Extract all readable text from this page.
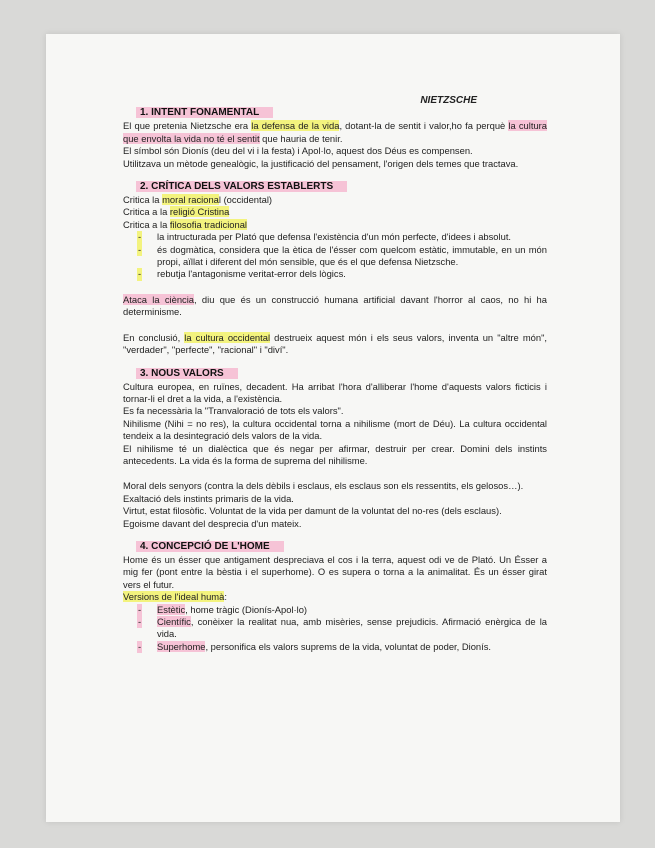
NIETZSCHE
1. INTENT FONAMENTAL

El que pretenia Nietzsche era la defensa de la vida, dotant-la de sentit i valor,ho fa perquè la cultura que envolta la vida no té el sentit que hauria de tenir.

El símbol són Dionís (deu del vi i la festa) i Apol·lo, aquest dos Déus es compensen.

Utilitzava un mètode genealògic, la justificació del pensament, l'origen dels temes que tractava.

2. CRÍTICA DELS VALORS ESTABLERTS

Critica la moral racional (occidental)

Critica a la religió Cristina

Critica a la filosofia tradicional

- la intructurada per Plató que defensa l'existència d'un món perfecte, d'idees i absolut.
- és dogmàtica, considera que la ètica de l'ésser com quelcom estàtic, immutable, en un món propi, aïllat i diferent del món sensible, que és el que defensa Nietzsche.
- rebutja l'antagonisme veritat-error dels lògics.

Ataca la ciència, diu que és un construcció humana artificial davant l'horror al caos, no hi ha determinisme.

En conclusió, la cultura occidental destrueix aquest món i els seus valors, inventa un "altre món", "verdader", "perfecte", "racional" i "diví".

3. NOUS VALORS

Cultura europea, en ruïnes, decadent. Ha arribat l'hora d'alliberar l'home d'aquests valors ficticis i tornar-li el dret a la vida, a l'existència.

Es fa necessària la "Tranvaloració de tots els valors".

Nihilisme (Nihi = no res), la cultura occidental torna a nihilisme (mort de Déu). La cultura occidental tendeix a la desintegració dels valors de la vida.

El nihilisme té un dialèctica que és negar per afirmar, destruir per crear. Domini dels instints antecedents. La vida és la forma de suprema del nihilisme.

Moral dels senyors (contra la dels dèbils i esclaus, els esclaus son els ressentits, els gelosos…).

Exaltació dels instints primaris de la vida.

Virtut, estat filosòfic. Voluntat de la vida per damunt de la voluntat del no-res (dels esclaus).

Egoisme davant del desprecia d'un mateix.

4. CONCEPCIÓ DE L'HOME

Home és un ésser que antigament despreciava el cos i la terra, aquest odi ve de Plató. Un Ésser a mig fer (pont entre la bèstia i el superhome). O es supera o torna a la animalitat. És un ésser girat vers el futur.

Versions de l'ideal humà:

- Estètic, home tràgic (Dionís-Apol·lo)
- Científic, conèixer la realitat nua, amb misèries, sense prejudicis. Afirmació enèrgica de la vida.
- Superhome, personifica els valors suprems de la vida, voluntat de poder, Dionís.
